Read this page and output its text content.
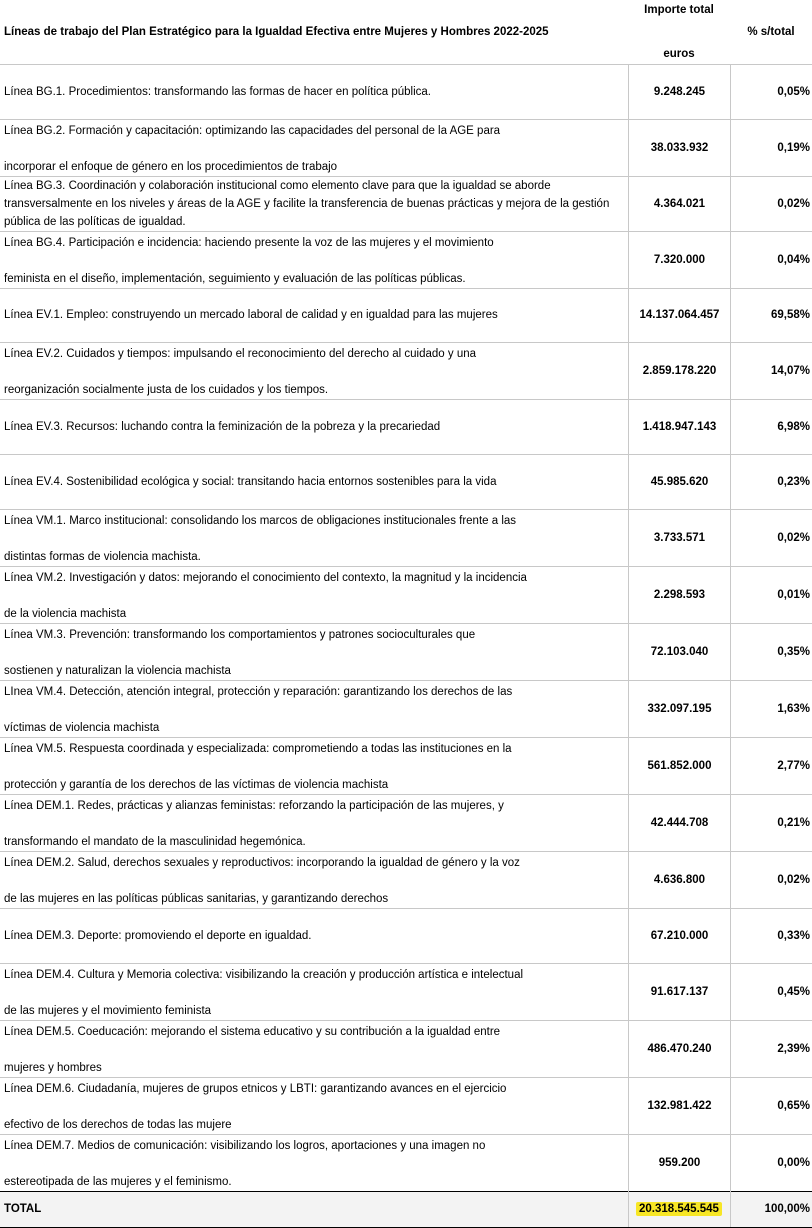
Líneas de trabajo del Plan Estratégico para la Igualdad Efectiva entre Mujeres y Hombres 2022-2025	Importe total
euros	% s/total
Línea BG.1. Procedimientos: transformando las formas de hacer en política pública.	9.248.245	0,05%

Línea BG.2. Formación y capacitación: optimizando las capacidades del personal de la AGE para
incorporar el enfoque de género en los procedimientos de trabajo	38.033.932	0,19%
Línea BG.3. Coordinación y colaboración institucional como elemento clave para que la igualdad se aborde transversalmente en los niveles y áreas de la AGE y facilite la transferencia de buenas prácticas y mejora de la gestión pública de las políticas de igualdad.	4.364.021	0,02%

Línea BG.4. Participación e incidencia: haciendo presente la voz de las mujeres y el movimiento
feminista en el diseño, implementación, seguimiento y evaluación de las políticas públicas.	7.320.000	0,04%
Línea EV.1. Empleo: construyendo un mercado laboral de calidad y en igualdad para las mujeres	14.137.064.457	69,58%

Línea EV.2. Cuidados y tiempos: impulsando el reconocimiento del derecho al cuidado y una
reorganización socialmente justa de los cuidados y los tiempos.	2.859.178.220	14,07%
Línea EV.3. Recursos: luchando contra la feminización de la pobreza y la precariedad	1.418.947.143	6,98%
Línea EV.4. Sostenibilidad ecológica y social: transitando hacia entornos sostenibles para la vida	45.985.620	0,23%

Línea VM.1. Marco institucional: consolidando los marcos de obligaciones institucionales frente a las
distintas formas de violencia machista.	3.733.571	0,02%

Línea VM.2. Investigación y datos: mejorando el conocimiento del contexto, la magnitud y la incidencia
de la violencia machista	2.298.593	0,01%

Línea VM.3. Prevención: transformando los comportamientos y patrones socioculturales que
sostienen y naturalizan la violencia machista	72.103.040	0,35%

LInea VM.4. Detección, atención integral, protección y reparación: garantizando los derechos de las
víctimas de violencia machista	332.097.195	1,63%

Línea VM.5. Respuesta coordinada y especializada: comprometiendo a todas las instituciones en la
protección y garantía de los derechos de las víctimas de violencia machista	561.852.000	2,77%

Línea DEM.1. Redes, prácticas y alianzas feministas: reforzando la participación de las mujeres, y
transformando el mandato de la masculinidad hegemónica.	42.444.708	0,21%

Línea DEM.2. Salud, derechos sexuales y reproductivos: incorporando la igualdad de género y la voz
de las mujeres en las políticas públicas sanitarias, y garantizando derechos	4.636.800	0,02%
Línea DEM.3. Deporte: promoviendo el deporte en igualdad.	67.210.000	0,33%

Línea DEM.4. Cultura y Memoria colectiva: visibilizando la creación y producción artística e intelectual
de las mujeres y el movimiento feminista	91.617.137	0,45%

Línea DEM.5. Coeducación: mejorando el sistema educativo y su contribución a la igualdad entre
mujeres y hombres	486.470.240	2,39%

Línea DEM.6. Ciudadanía, mujeres de grupos etnicos y LBTI: garantizando avances en el ejercicio
efectivo de los derechos de todas las mujere	132.981.422	0,65%

Línea DEM.7. Medios de comunicación: visibilizando los logros, aportaciones y una imagen no
estereotipada de las mujeres y el feminismo.	959.200	0,00%
TOTAL	20.318.545.545	100,00%
